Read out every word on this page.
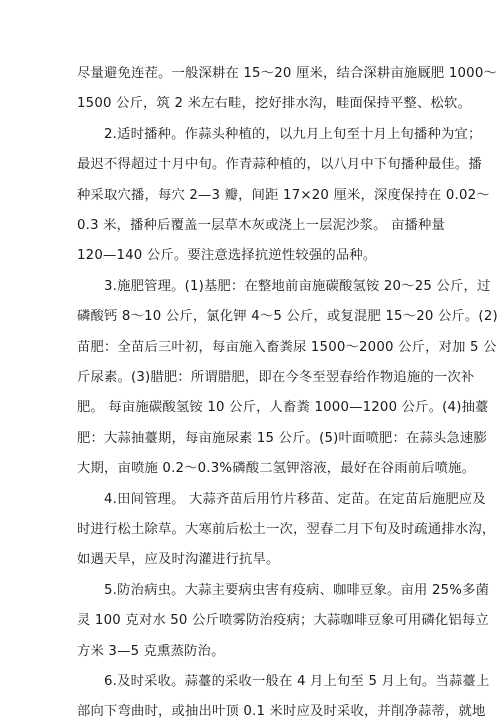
尽量避免连茬。一般深耕在 15～20 厘米，结合深耕亩施厩肥 1000～
1500 公斤，筑 2 米左右畦，挖好排水沟，畦面保持平整、松软。
2.适时播种。作蒜头种植的，以九月上旬至十月上旬播种为宜；
最迟不得超过十月中旬。作青蒜种植的，以八月中下旬播种最佳。播
种采取穴播，每穴 2—3 瓣，间距 17×20 厘米，深度保持在 0.02～
0.3 米，播种后覆盖一层草木灰或浇上一层泥沙浆。 亩播种量
120—140 公斤。要注意选择抗逆性较强的品种。
3.施肥管理。(1)基肥：在整地前亩施碳酸氢铵 20～25 公斤，过
磷酸钙 8～10 公斤，氯化钾 4～5 公斤，或复混肥 15～20 公斤。(2)
苗肥：全苗后三叶初，每亩施入畜粪尿 1500～2000 公斤，对加 5 公
斤尿素。(3)腊肥：所谓腊肥，即在今冬至翌春给作物追施的一次补
肥。 每亩施碳酸氢铵 10 公斤，人畜粪 1000—1200 公斤。(4)抽薹
肥：大蒜抽薹期，每亩施尿素 15 公斤。(5)叶面喷肥：在蒜头急速膨
大期，亩喷施 0.2～0.3%磷酸二氢钾溶液，最好在谷雨前后喷施。
4.田间管理。 大蒜齐苗后用竹片移苗、定苗。在定苗后施肥应及
时进行松土除草。大寒前后松土一次，翌春二月下旬及时疏通排水沟，
如遇天旱，应及时沟灌进行抗旱。
5.防治病虫。大蒜主要病虫害有疫病、咖啡豆象。亩用 25%多菌
灵 100 克对水 50 公斤喷雾防治疫病；大蒜咖啡豆象可用磷化铝每立
方米 3—5 克熏蒸防治。
6.及时采收。蒜薹的采收一般在 4 月上旬至 5 月上旬。当蒜薹上
部向下弯曲时，或抽出叶顶 0.1 米时应及时采收，并削净蒜蒂，就地
